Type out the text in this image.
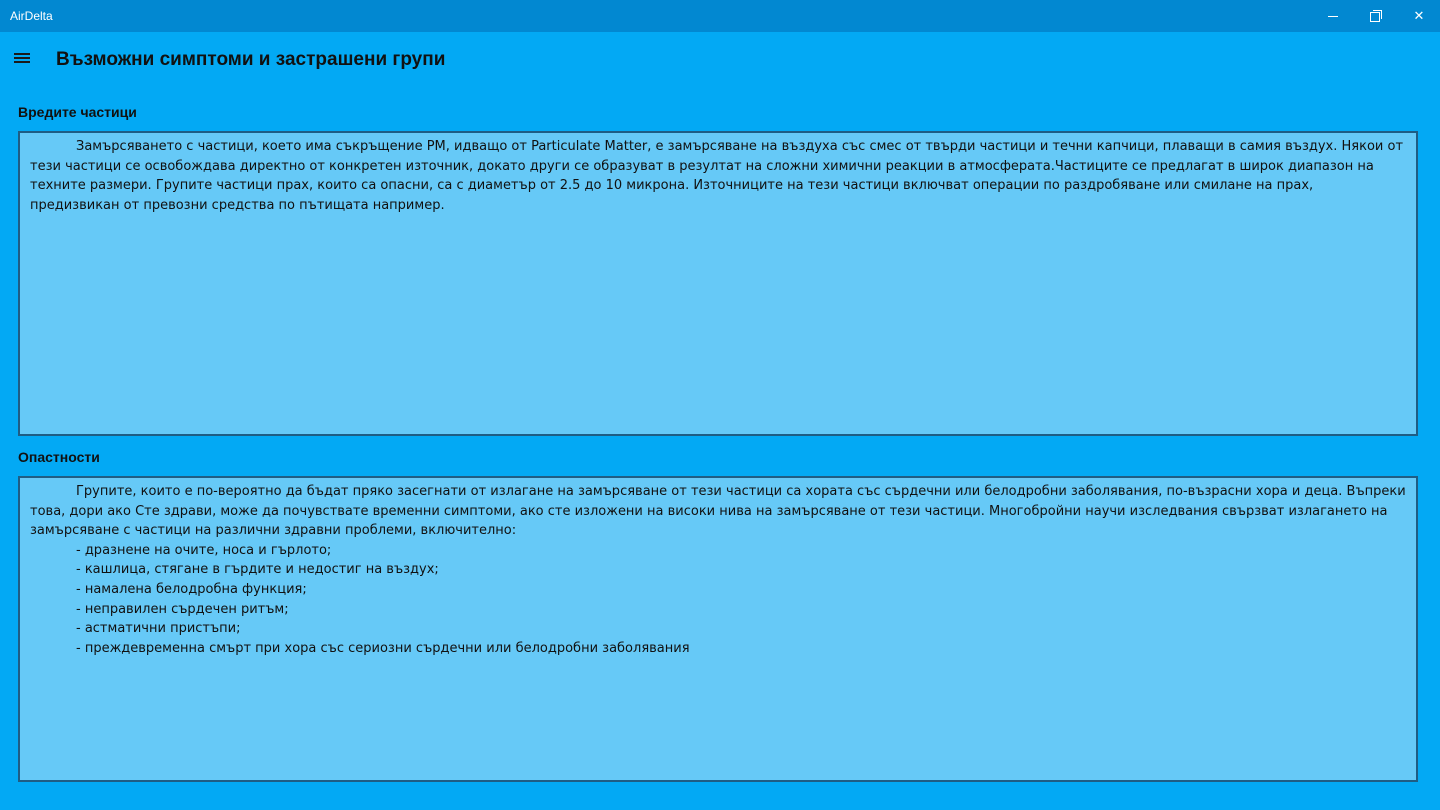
AirDelta	✕
Възможни симптоми и застрашени групи
Вредите частици

Замърсяването с частици, което има съкръщение PM, идващо от Particulate Matter, е замърсяване на въздуха със смес от твърди частици и течни капчици, плаващи в самия въздух. Някои от тези частици се освобождава директно от конкретен източник, докато други се образуват в резултат на сложни химични реакции в атмосферата.Частиците се предлагат в широк диапазон на техните размери. Групите частици прах, които са опасни, са с диаметър от 2.5 до 10 микрона. Източниците на тези частици включват операции по раздробяване или смилане на прах, предизвикан от превозни средства по пътищата например.

Опастности

Групите, които е по-вероятно да бъдат пряко засегнати от излагане на замърсяване от тези частици са хората със сърдечни или белодробни заболявания, по-възрасни хора и деца. Въпреки това, дори ако Сте здрави, може да почувствате временни симптоми, ако сте изложени на високи нива на замърсяване от тези частици. Многобройни научи изследвания свързват излагането на замърсяване с частици на различни здравни проблеми, включително:

- дразнене на очите, носа и гърлото;
- кашлица, стягане в гърдите и недостиг на въздух;
- намалена белодробна функция;
- неправилен сърдечен ритъм;
- астматични пристъпи;
- преждевременна смърт при хора със сериозни сърдечни или белодробни заболявания
